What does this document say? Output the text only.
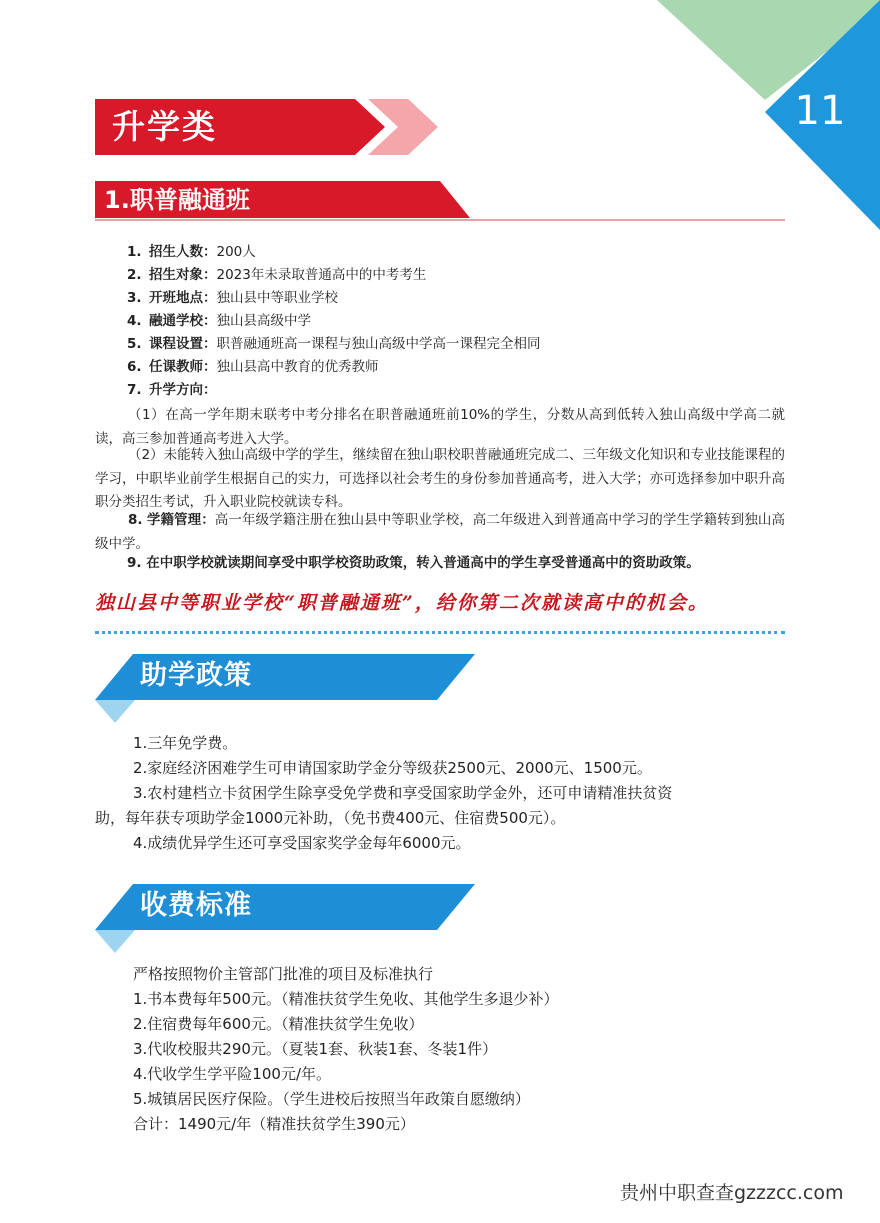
11
升学类
1.职普融通班
1. 招生人数：200人
2. 招生对象：2023年未录取普通高中的中考考生
3. 开班地点：独山县中等职业学校
4. 融通学校：独山县高级中学
5. 课程设置：职普融通班高一课程与独山高级中学高一课程完全相同
6. 任课教师：独山县高中教育的优秀教师
7. 升学方向：
（1）在高一学年期末联考中考分排名在职普融通班前10%的学生，分数从高到低转入独山高级中学高二就读，高三参加普通高考进入大学。
（2）未能转入独山高级中学的学生，继续留在独山职校职普融通班完成二、三年级文化知识和专业技能课程的学习，中职毕业前学生根据自己的实力，可选择以社会考生的身份参加普通高考，进入大学；亦可选择参加中职升高职分类招生考试，升入职业院校就读专科。
8. 学籍管理：高一年级学籍注册在独山县中等职业学校，高二年级进入到普通高中学习的学生学籍转到独山高级中学。
9. 在中职学校就读期间享受中职学校资助政策，转入普通高中的学生享受普通高中的资助政策。
独山县中等职业学校“职普融通班”，给你第二次就读高中的机会。
助学政策
1.三年免学费。
2.家庭经济困难学生可申请国家助学金分等级获2500元、2000元、1500元。
3.农村建档立卡贫困学生除享受免学费和享受国家助学金外，还可申请精准扶贫资
助，每年获专项助学金1000元补助，（免书费400元、住宿费500元）。
4.成绩优异学生还可享受国家奖学金每年6000元。
收费标准
严格按照物价主管部门批准的项目及标准执行
1.书本费每年500元。（精准扶贫学生免收、其他学生多退少补）
2.住宿费每年600元。（精准扶贫学生免收）
3.代收校服共290元。（夏装1套、秋装1套、冬装1件）
4.代收学生学平险100元/年。
5.城镇居民医疗保险。（学生进校后按照当年政策自愿缴纳）
合计：1490元/年（精准扶贫学生390元）
贵州中职查查gzzzcc.com
